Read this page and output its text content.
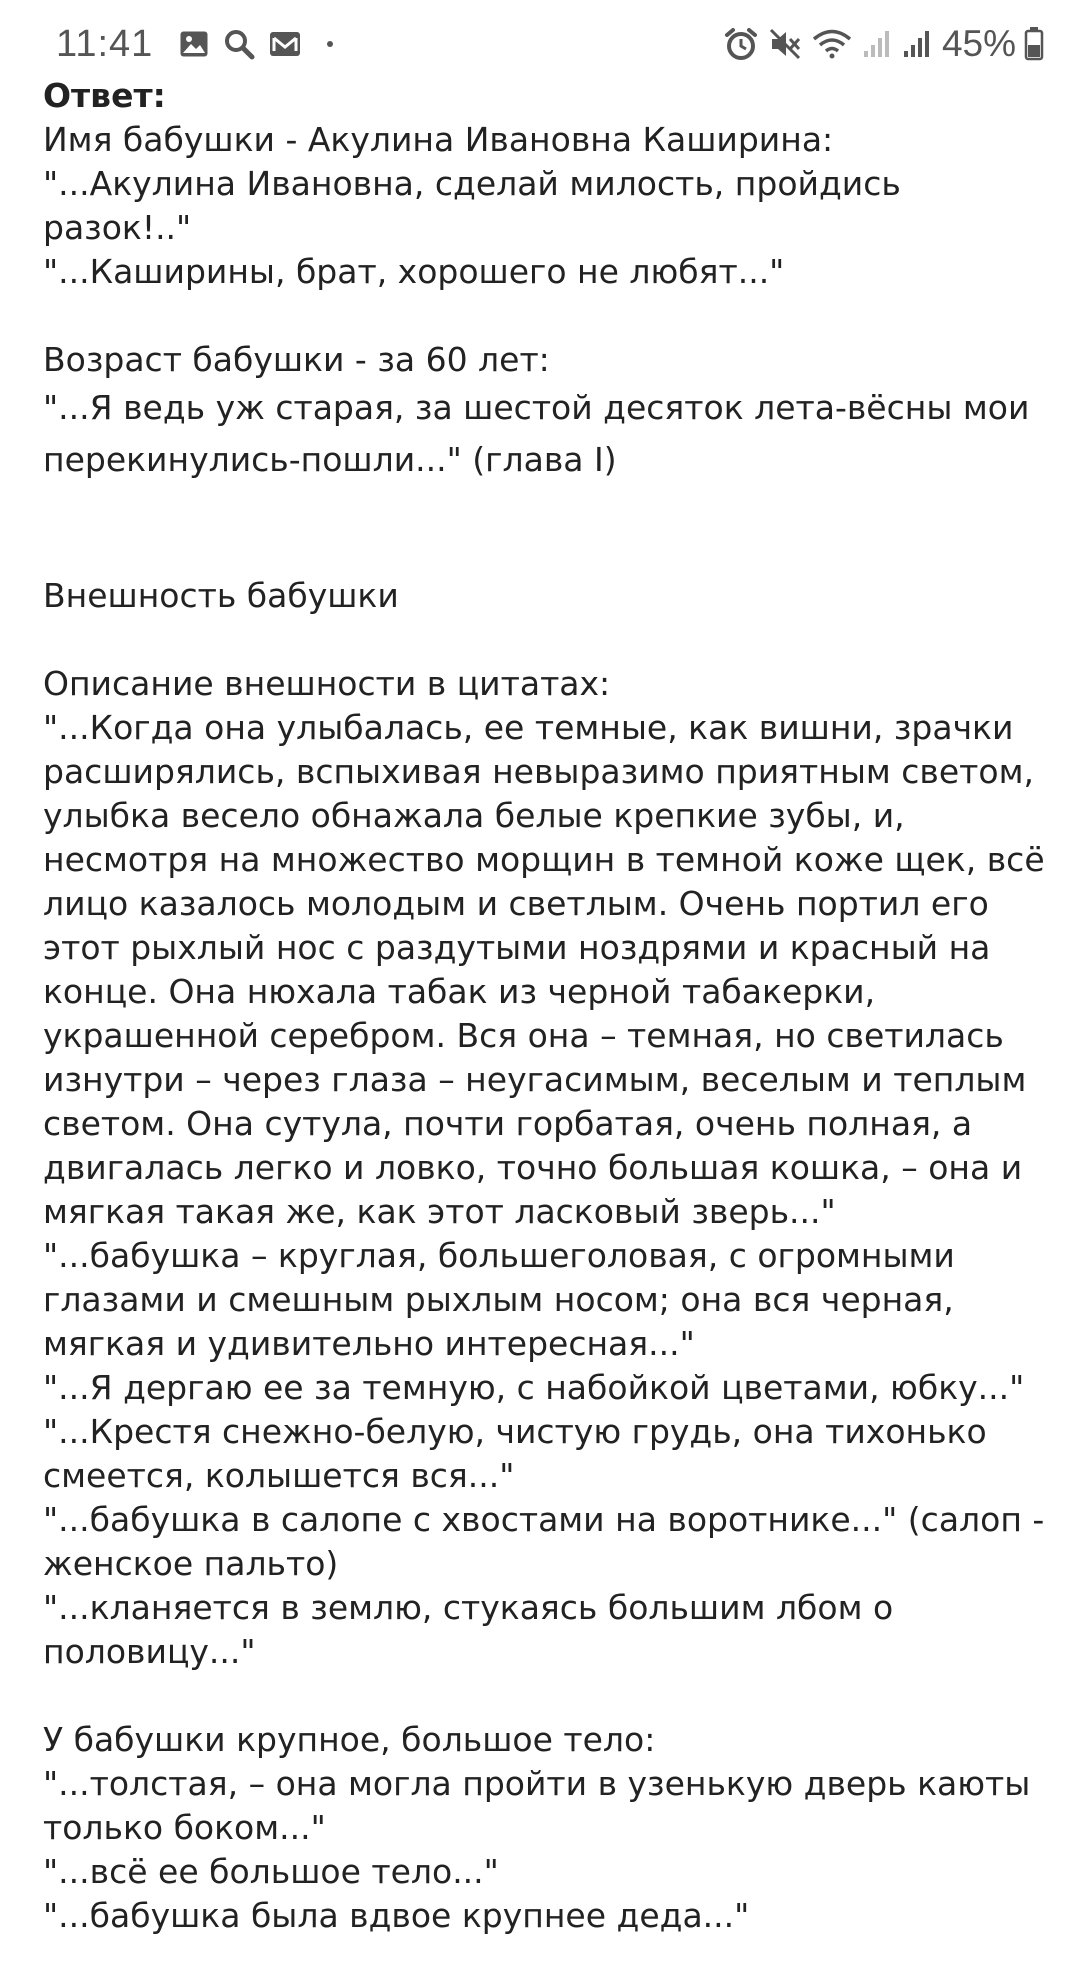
11:41	45%

Ответ:

Имя бабушки - Акулина Ивановна Каширина:

"...Акулина Ивановна, сделай милость, пройдись разок!.."

"...Каширины, брат, хорошего не любят..."

Возраст бабушки - за 60 лет:

"...Я ведь уж старая, за шестой десяток лета-вёсны мои перекинулись-пошли..." (глава I)

Внешность бабушки

Описание внешности в цитатах:

"...Когда она улыбалась, ее темные, как вишни, зрачки расширялись, вспыхивая невыразимо приятным светом, улыбка весело обнажала белые крепкие зубы, и, несмотря на множество морщин в темной коже щек, всё лицо казалось молодым и светлым. Очень портил его этот рыхлый нос с раздутыми ноздрями и красный на конце. Она нюхала табак из черной табакерки, украшенной серебром. Вся она – темная, но светилась изнутри – через глаза – неугасимым, веселым и теплым светом. Она сутула, почти горбатая, очень полная, а двигалась легко и ловко, точно большая кошка, – она и мягкая такая же, как этот ласковый зверь..."

"...бабушка – круглая, большеголовая, с огромными глазами и смешным рыхлым носом; она вся черная, мягкая и удивительно интересная..."

"...Я дергаю ее за темную, с набойкой цветами, юбку..."

"...Крестя снежно-белую, чистую грудь, она тихонько смеется, колышется вся..."

"...бабушка в салопе с хвостами на воротнике..." (салоп - женское пальто)

"...кланяется в землю, стукаясь большим лбом о половицу..."

У бабушки крупное, большое тело:

"...толстая, – она могла пройти в узенькую дверь каюты только боком..."

"...всё ее большое тело..."

"...бабушка была вдвое крупнее деда..."
